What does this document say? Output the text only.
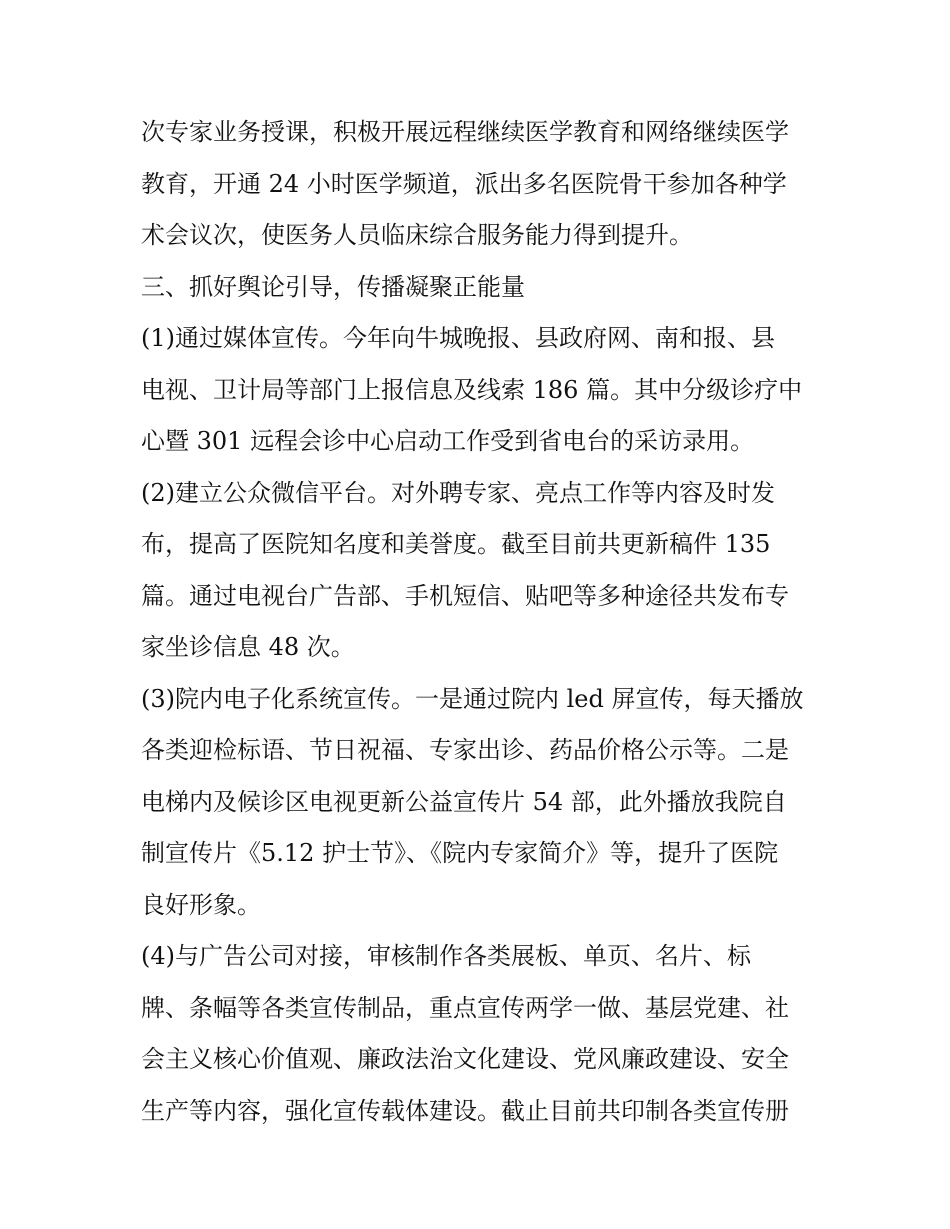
次专家业务授课，积极开展远程继续医学教育和网络继续医学

教育，开通 24 小时医学频道，派出多名医院骨干参加各种学

术会议次，使医务人员临床综合服务能力得到提升。

三、抓好舆论引导，传播凝聚正能量

(1)通过媒体宣传。今年向牛城晚报、县政府网、南和报、县

电视、卫计局等部门上报信息及线索 186 篇。其中分级诊疗中

心暨 301 远程会诊中心启动工作受到省电台的采访录用。

(2)建立公众微信平台。对外聘专家、亮点工作等内容及时发

布，提高了医院知名度和美誉度。截至目前共更新稿件 135

篇。通过电视台广告部、手机短信、贴吧等多种途径共发布专

家坐诊信息 48 次。

(3)院内电子化系统宣传。一是通过院内 led 屏宣传，每天播放

各类迎检标语、节日祝福、专家出诊、药品价格公示等。二是

电梯内及候诊区电视更新公益宣传片 54 部，此外播放我院自

制宣传片《5.12 护士节》、《院内专家简介》等，提升了医院

良好形象。

(4)与广告公司对接，审核制作各类展板、单页、名片、标

牌、条幅等各类宣传制品，重点宣传两学一做、基层党建、社

会主义核心价值观、廉政法治文化建设、党风廉政建设、安全

生产等内容，强化宣传载体建设。截止目前共印制各类宣传册
